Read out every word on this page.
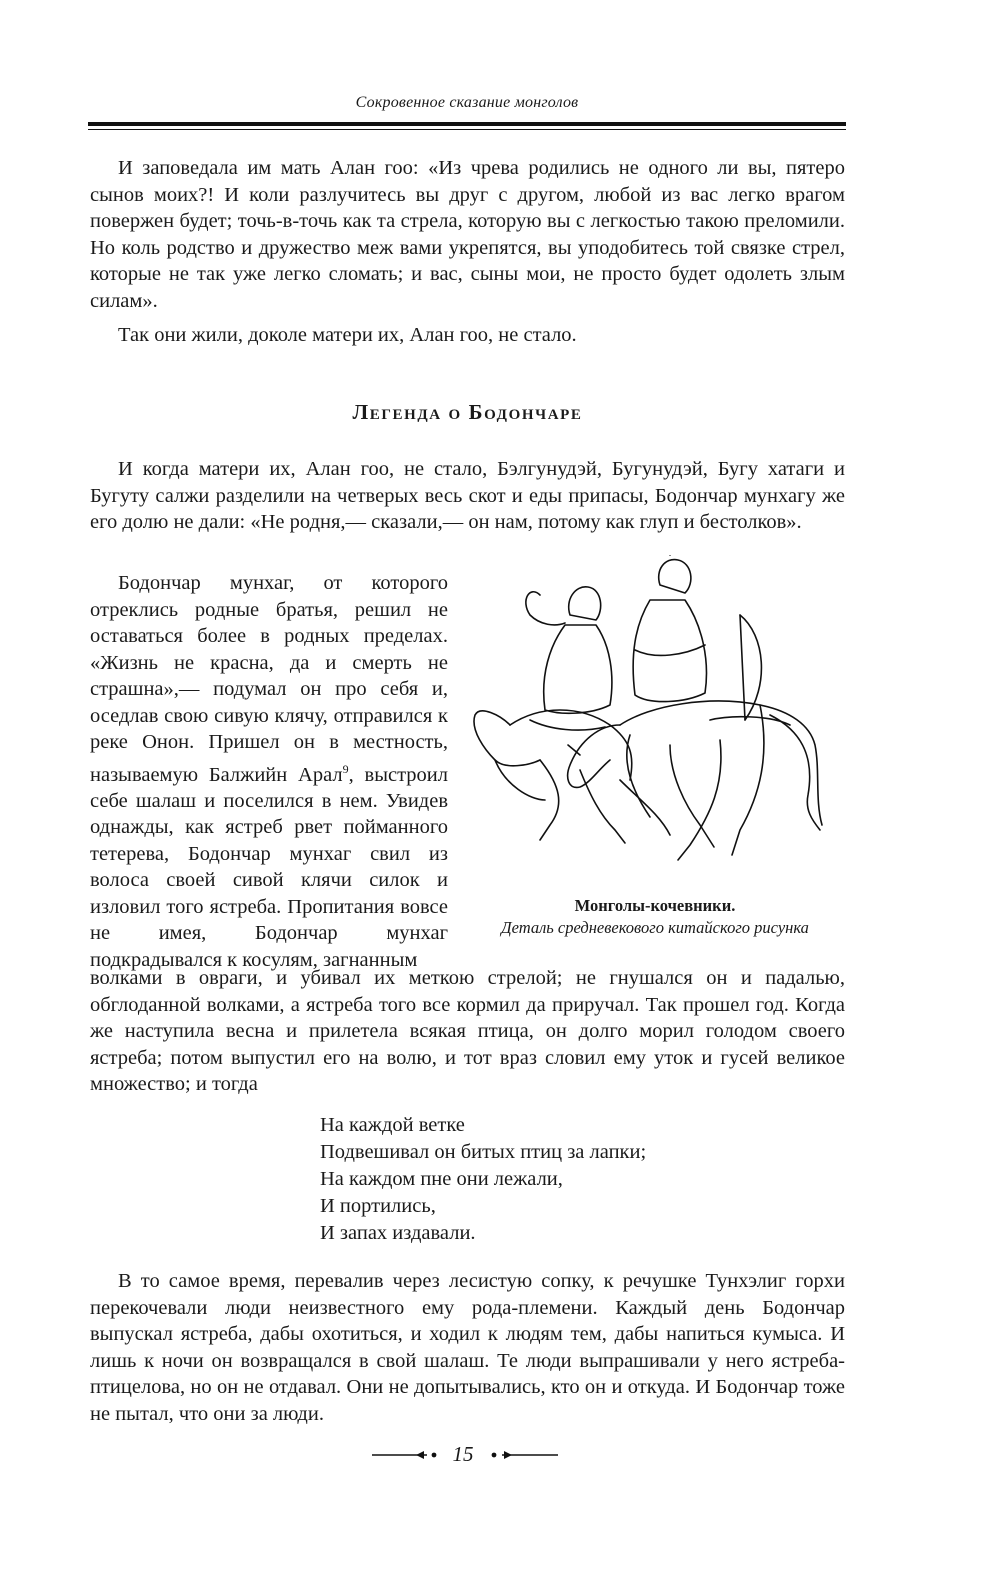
Сокровенное сказание монголов

И заповедала им мать Алан гоо: «Из чрева родились не одного ли вы, пятеро сынов моих?! И коли разлучитесь вы друг с другом, любой из вас легко врагом повержен будет; точь-в-точь как та стрела, которую вы с легкостью такою преломили. Но коль родство и дружество меж вами укрепятся, вы уподобитесь той связке стрел, которые не так уже легко сломать; и вас, сыны мои, не просто будет одолеть злым силам».

Так они жили, доколе матери их, Алан гоо, не стало.

Легенда о Бодончаре

И когда матери их, Алан гоо, не стало, Бэлгунудэй, Бугунудэй, Бугу хатаги и Бугуту салжи разделили на четверых весь скот и еды припасы, Бодончар мунхагу же его долю не дали: «Не родня,— сказали,— он нам, потому как глуп и бестолков».

Бодончар мунхаг, от которого отреклись родные братья, решил не оставаться более в родных пределах. «Жизнь не красна, да и смерть не страшна»,— подумал он про себя и, оседлав свою сивую клячу, отправился к реке Онон. Пришел он в местность, называемую Балжийн Арал$^9$, выстроил себе шалаш и поселился в нем. Увидев однажды, как ястреб рвет пойманного тетерева, Бодончар мунхаг свил из волоса своей сивой клячи силок и изловил того ястреба. Пропитания вовсе не имея, Бодончар мунхаг подкрадывался к косулям, загнанным

Монголы-кочевники.
Деталь средневекового китайского рисунка

волками в овраги, и убивал их меткою стрелой; не гнушался он и падалью, обглоданной волками, а ястреба того все кормил да приручал. Так прошел год. Когда же наступила весна и прилетела всякая птица, он долго морил голодом своего ястреба; потом выпустил его на волю, и тот враз словил ему уток и гусей великое множество; и тогда

На каждой ветке
Подвешивал он битых птиц за лапки;
На каждом пне они лежали,
И портились,
И запах издавали.

В то самое время, перевалив через лесистую сопку, к речушке Тунхэлиг горхи перекочевали люди неизвестного ему рода-племени. Каждый день Бодончар выпускал ястреба, дабы охотиться, и ходил к людям тем, дабы напиться кумыса. И лишь к ночи он возвращался в свой шалаш. Те люди выпрашивали у него ястреба-птицелова, но он не отдавал. Они не допытывались, кто он и откуда. И Бодончар тоже не пытал, что они за люди.

15
